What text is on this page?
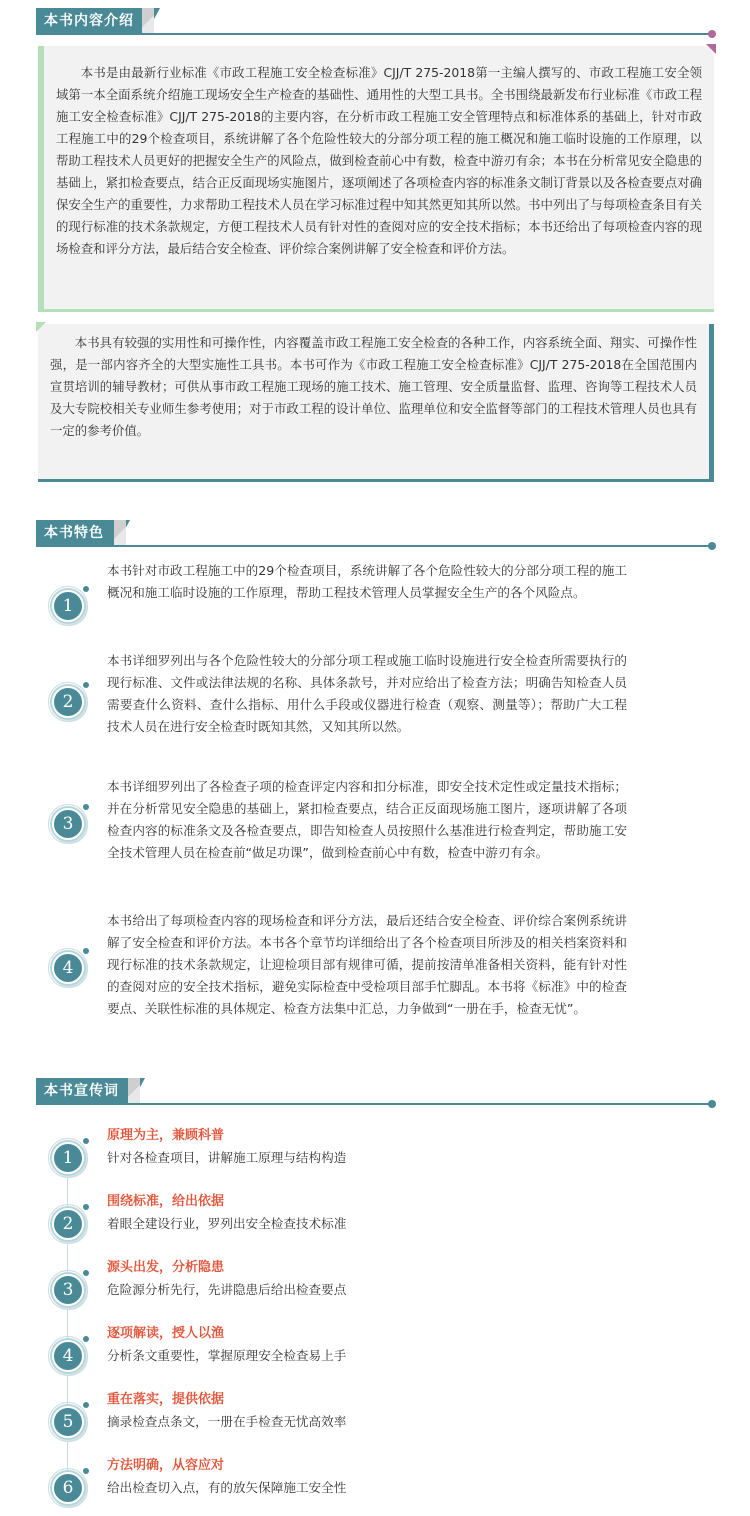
本书内容介绍

本书是由最新行业标准《市政工程施工安全检查标准》CJJ/T 275-2018第一主编人撰写的、市政工程施工安全领域第一本全面系统介绍施工现场安全生产检查的基础性、通用性的大型工具书。全书围绕最新发布行业标准《市政工程施工安全检查标准》CJJ/T 275-2018的主要内容，在分析市政工程施工安全管理特点和标准体系的基础上，针对市政工程施工中的29个检查项目，系统讲解了各个危险性较大的分部分项工程的施工概况和施工临时设施的工作原理，以帮助工程技术人员更好的把握安全生产的风险点，做到检查前心中有数，检查中游刃有余；本书在分析常见安全隐患的基础上，紧扣检查要点，结合正反面现场实施图片，逐项阐述了各项检查内容的标准条文制订背景以及各检查要点对确保安全生产的重要性，力求帮助工程技术人员在学习标准过程中知其然更知其所以然。书中列出了与每项检查条目有关的现行标准的技术条款规定，方便工程技术人员有针对性的查阅对应的安全技术指标；本书还给出了每项检查内容的现场检查和评分方法，最后结合安全检查、评价综合案例讲解了安全检查和评价方法。

本书具有较强的实用性和可操作性，内容覆盖市政工程施工安全检查的各种工作，内容系统全面、翔实、可操作性强，是一部内容齐全的大型实施性工具书。本书可作为《市政工程施工安全检查标准》CJJ/T 275-2018在全国范围内宣贯培训的辅导教材；可供从事市政工程施工现场的施工技术、施工管理、安全质量监督、监理、咨询等工程技术人员及大专院校相关专业师生参考使用；对于市政工程的设计单位、监理单位和安全监督等部门的工程技术管理人员也具有一定的参考价值。

本书特色
1
本书针对市政工程施工中的29个检查项目，系统讲解了各个危险性较大的分部分项工程的施工概况和施工临时设施的工作原理，帮助工程技术管理人员掌握安全生产的各个风险点。
2
本书详细罗列出与各个危险性较大的分部分项工程或施工临时设施进行安全检查所需要执行的现行标准、文件或法律法规的名称、具体条款号，并对应给出了检查方法；明确告知检查人员需要查什么资料、查什么指标、用什么手段或仪器进行检查（观察、测量等）；帮助广大工程技术人员在进行安全检查时既知其然，又知其所以然。
3
本书详细罗列出了各检查子项的检查评定内容和扣分标准，即安全技术定性或定量技术指标；并在分析常见安全隐患的基础上，紧扣检查要点，结合正反面现场施工图片，逐项讲解了各项检查内容的标准条文及各检查要点，即告知检查人员按照什么基准进行检查判定，帮助施工安全技术管理人员在检查前“做足功课”，做到检查前心中有数，检查中游刃有余。
4
本书给出了每项检查内容的现场检查和评分方法，最后还结合安全检查、评价综合案例系统讲解了安全检查和评价方法。本书各个章节均详细给出了各个检查项目所涉及的相关档案资料和现行标准的技术条款规定，让迎检项目部有规律可循，提前按清单准备相关资料，能有针对性的查阅对应的安全技术指标，避免实际检查中受检项目部手忙脚乱。本书将《标准》中的检查要点、关联性标准的具体规定、检查方法集中汇总，力争做到“一册在手，检查无忧”。
本书宣传词
1
原理为主，兼顾科普
针对各检查项目，讲解施工原理与结构构造
2
围绕标准，给出依据
着眼全建设行业，罗列出安全检查技术标准
3
源头出发，分析隐患
危险源分析先行，先讲隐患后给出检查要点
4
逐项解读，授人以渔
分析条文重要性，掌握原理安全检查易上手
5
重在落实，提供依据
摘录检查点条文，一册在手检查无忧高效率
6
方法明确，从容应对
给出检查切入点，有的放矢保障施工安全性
